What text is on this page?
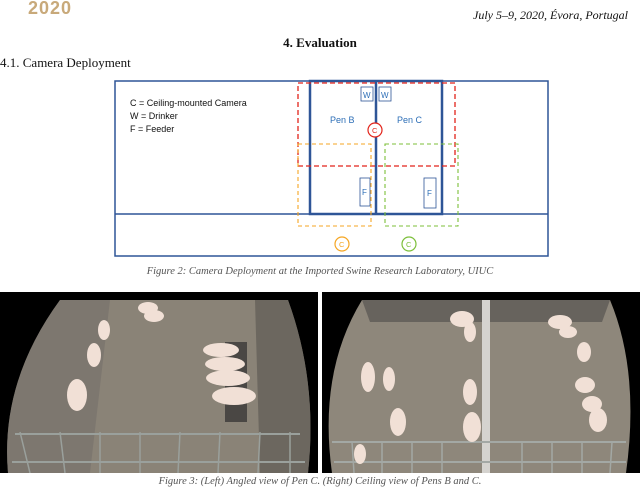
2020	July 5–9, 2020, Évora, Portugal
4. Evaluation
4.1. Camera Deployment
C = Ceiling-mounted Camera
W = Drinker
F = Feeder
Pen B	Pen C
W W
F	F
C
C	C
Figure 2: Camera Deployment at the Imported Swine Research Laboratory, UIUC
Figure 3: (Left) Angled view of Pen C. (Right) Ceiling view of Pens B and C.
